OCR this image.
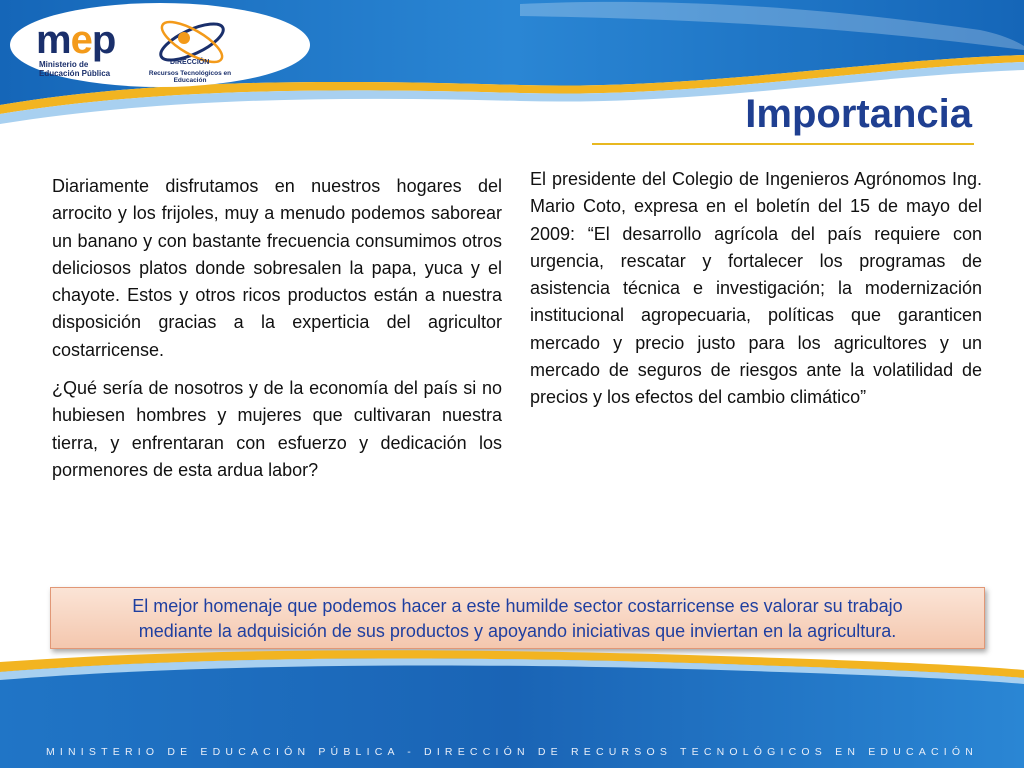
mep
Ministerio de
Educación Pública
DIRECCIÓN
Recursos Tecnológicos en Educación
Importancia

Diariamente disfrutamos en nuestros hogares del arrocito y los frijoles, muy a menudo podemos saborear un banano y con bastante frecuencia consumimos otros deliciosos platos donde sobresalen la papa, yuca y el chayote. Estos y otros ricos productos están a nuestra disposición gracias a la experticia del agricultor costarricense.

¿Qué sería de nosotros y de la economía del país si no hubiesen hombres y mujeres que cultivaran nuestra tierra, y enfrentaran con esfuerzo y dedicación los pormenores de esta ardua labor?

El presidente del Colegio de Ingenieros Agrónomos Ing. Mario Coto, expresa en el boletín del 15 de mayo del 2009: “El desarrollo agrícola del país requiere con urgencia, rescatar y fortalecer los programas de asistencia técnica e investigación; la modernización institucional agropecuaria, políticas que garanticen mercado y precio justo para los agricultores y un mercado de seguros de riesgos ante la volatilidad de precios y los efectos del cambio climático”

El mejor homenaje que podemos hacer a este humilde sector costarricense es valorar su trabajo
mediante la adquisición de sus productos y apoyando iniciativas que inviertan en la agricultura.
MINISTERIO DE EDUCACIÓN PÚBLICA - DIRECCIÓN DE RECURSOS TECNOLÓGICOS EN EDUCACIÓN
